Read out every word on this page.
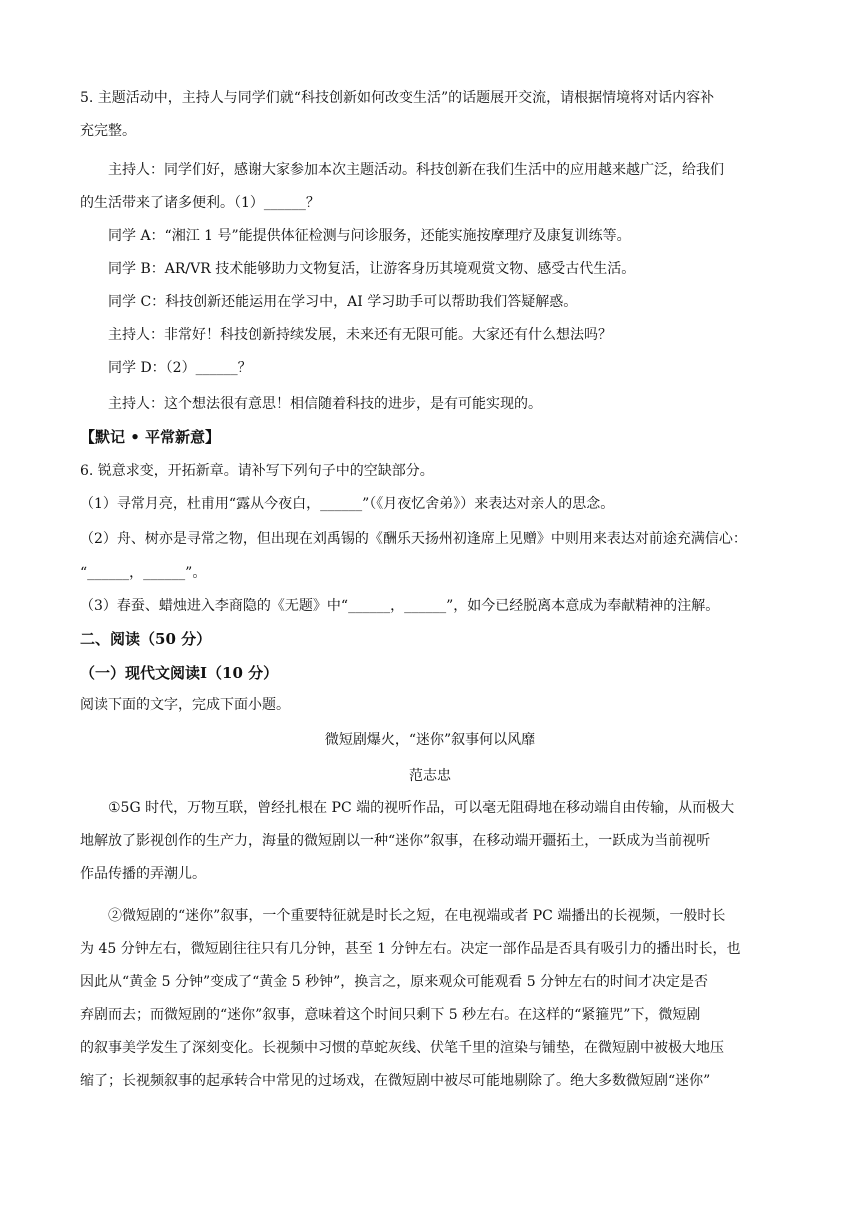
5. 主题活动中，主持人与同学们就“科技创新如何改变生活”的话题展开交流，请根据情境将对话内容补
充完整。
主持人：同学们好，感谢大家参加本次主题活动。科技创新在我们生活中的应用越来越广泛，给我们
的生活带来了诸多便利。（1）______？
同学 A：“湘江 1 号”能提供体征检测与问诊服务，还能实施按摩理疗及康复训练等。
同学 B：AR/VR 技术能够助力文物复活，让游客身历其境观赏文物、感受古代生活。
同学 C：科技创新还能运用在学习中，AI 学习助手可以帮助我们答疑解惑。
主持人：非常好！科技创新持续发展，未来还有无限可能。大家还有什么想法吗？
同学 D：（2）______？
主持人：这个想法很有意思！相信随着科技的进步，是有可能实现的。
【默记 • 平常新意】
6. 锐意求变，开拓新章。请补写下列句子中的空缺部分。
（1）寻常月亮，杜甫用“露从今夜白，______”（《月夜忆舍弟》）来表达对亲人的思念。
（2）舟、树亦是寻常之物，但出现在刘禹锡的《酬乐天扬州初逢席上见赠》中则用来表达对前途充满信心：
“______，______”。
（3）春蚕、蜡烛进入李商隐的《无题》中“______，______”，如今已经脱离本意成为奉献精神的注解。
二、阅读（50 分）
（一）现代文阅读Ⅰ（10 分）
阅读下面的文字，完成下面小题。
微短剧爆火，“迷你”叙事何以风靡
范志忠
①5G 时代，万物互联，曾经扎根在 PC 端的视听作品，可以毫无阻碍地在移动端自由传输，从而极大
地解放了影视创作的生产力，海量的微短剧以一种“迷你”叙事，在移动端开疆拓土，一跃成为当前视听
作品传播的弄潮儿。
②微短剧的“迷你”叙事，一个重要特征就是时长之短，在电视端或者 PC 端播出的长视频，一般时长
为 45 分钟左右，微短剧往往只有几分钟，甚至 1 分钟左右。决定一部作品是否具有吸引力的播出时长，也
因此从“黄金 5 分钟”变成了“黄金 5 秒钟”，换言之，原来观众可能观看 5 分钟左右的时间才决定是否
弃剧而去；而微短剧的“迷你”叙事，意味着这个时间只剩下 5 秒左右。在这样的“紧箍咒”下，微短剧
的叙事美学发生了深刻变化。长视频中习惯的草蛇灰线、伏笔千里的渲染与铺垫，在微短剧中被极大地压
缩了；长视频叙事的起承转合中常见的过场戏，在微短剧中被尽可能地剔除了。绝大多数微短剧“迷你”
